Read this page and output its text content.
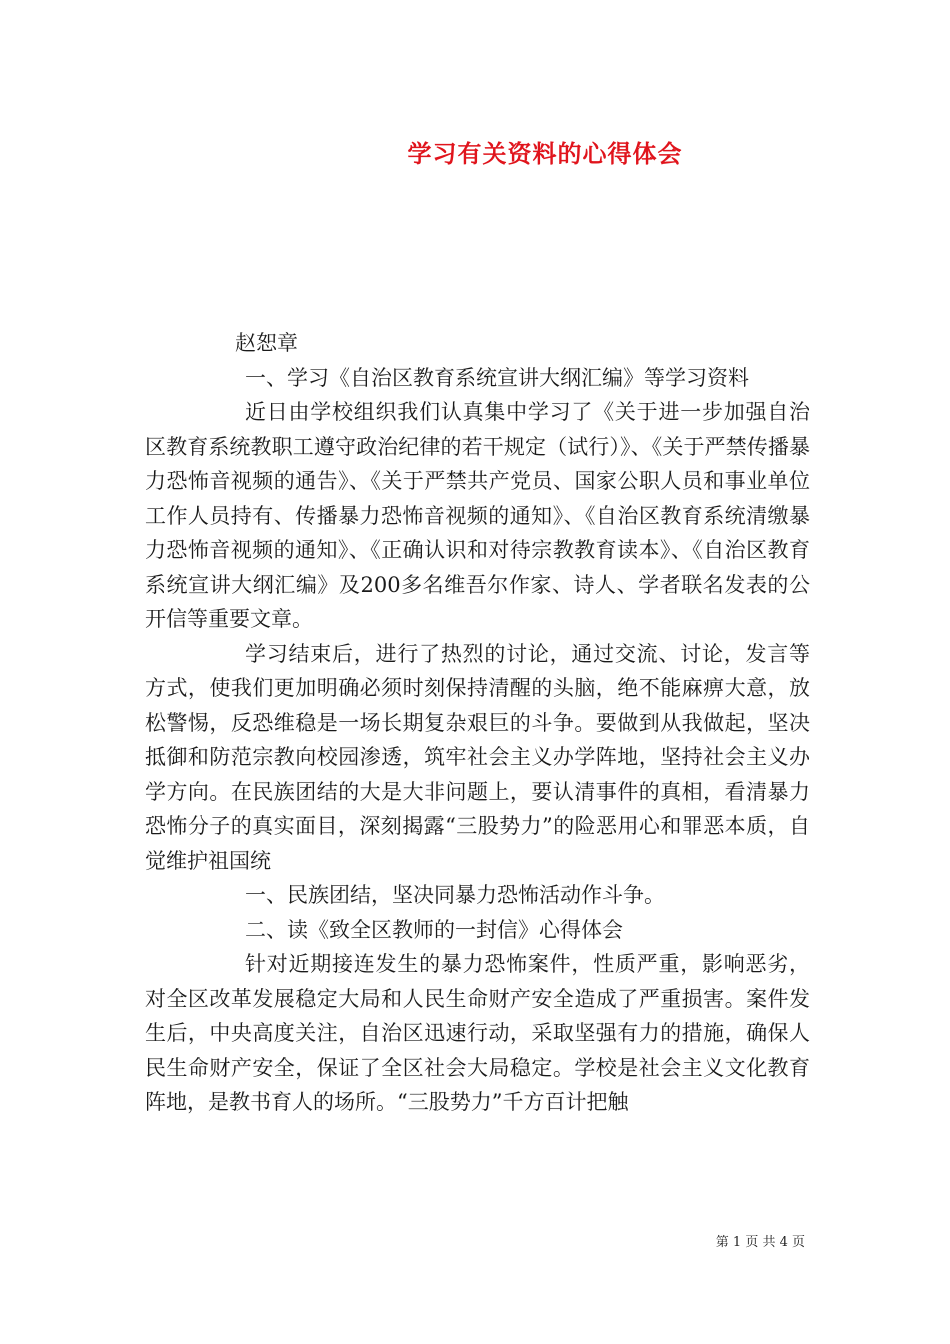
学习有关资料的心得体会

赵恕章

一、学习《自治区教育系统宣讲大纲汇编》等学习资料

近日由学校组织我们认真集中学习了《关于进一步加强自治区教育系统教职工遵守政治纪律的若干规定（试行）》、《关于严禁传播暴力恐怖音视频的通告》、《关于严禁共产党员、国家公职人员和事业单位工作人员持有、传播暴力恐怖音视频的通知》、《自治区教育系统清缴暴力恐怖音视频的通知》、《正确认识和对待宗教教育读本》、《自治区教育系统宣讲大纲汇编》及200多名维吾尔作家、诗人、学者联名发表的公开信等重要文章。

学习结束后，进行了热烈的讨论，通过交流、讨论，发言等方式，使我们更加明确必须时刻保持清醒的头脑，绝不能麻痹大意，放松警惕，反恐维稳是一场长期复杂艰巨的斗争。要做到从我做起，坚决抵御和防范宗教向校园渗透，筑牢社会主义办学阵地，坚持社会主义办学方向。在民族团结的大是大非问题上，要认清事件的真相，看清暴力恐怖分子的真实面目，深刻揭露“三股势力”的险恶用心和罪恶本质，自觉维护祖国统

一、民族团结，坚决同暴力恐怖活动作斗争。

二、读《致全区教师的一封信》心得体会

针对近期接连发生的暴力恐怖案件，性质严重，影响恶劣，对全区改革发展稳定大局和人民生命财产安全造成了严重损害。案件发生后，中央高度关注，自治区迅速行动，采取坚强有力的措施，确保人民生命财产安全，保证了全区社会大局稳定。学校是社会主义文化教育阵地，是教书育人的场所。“三股势力”千方百计把触

第 1 页 共 4 页
